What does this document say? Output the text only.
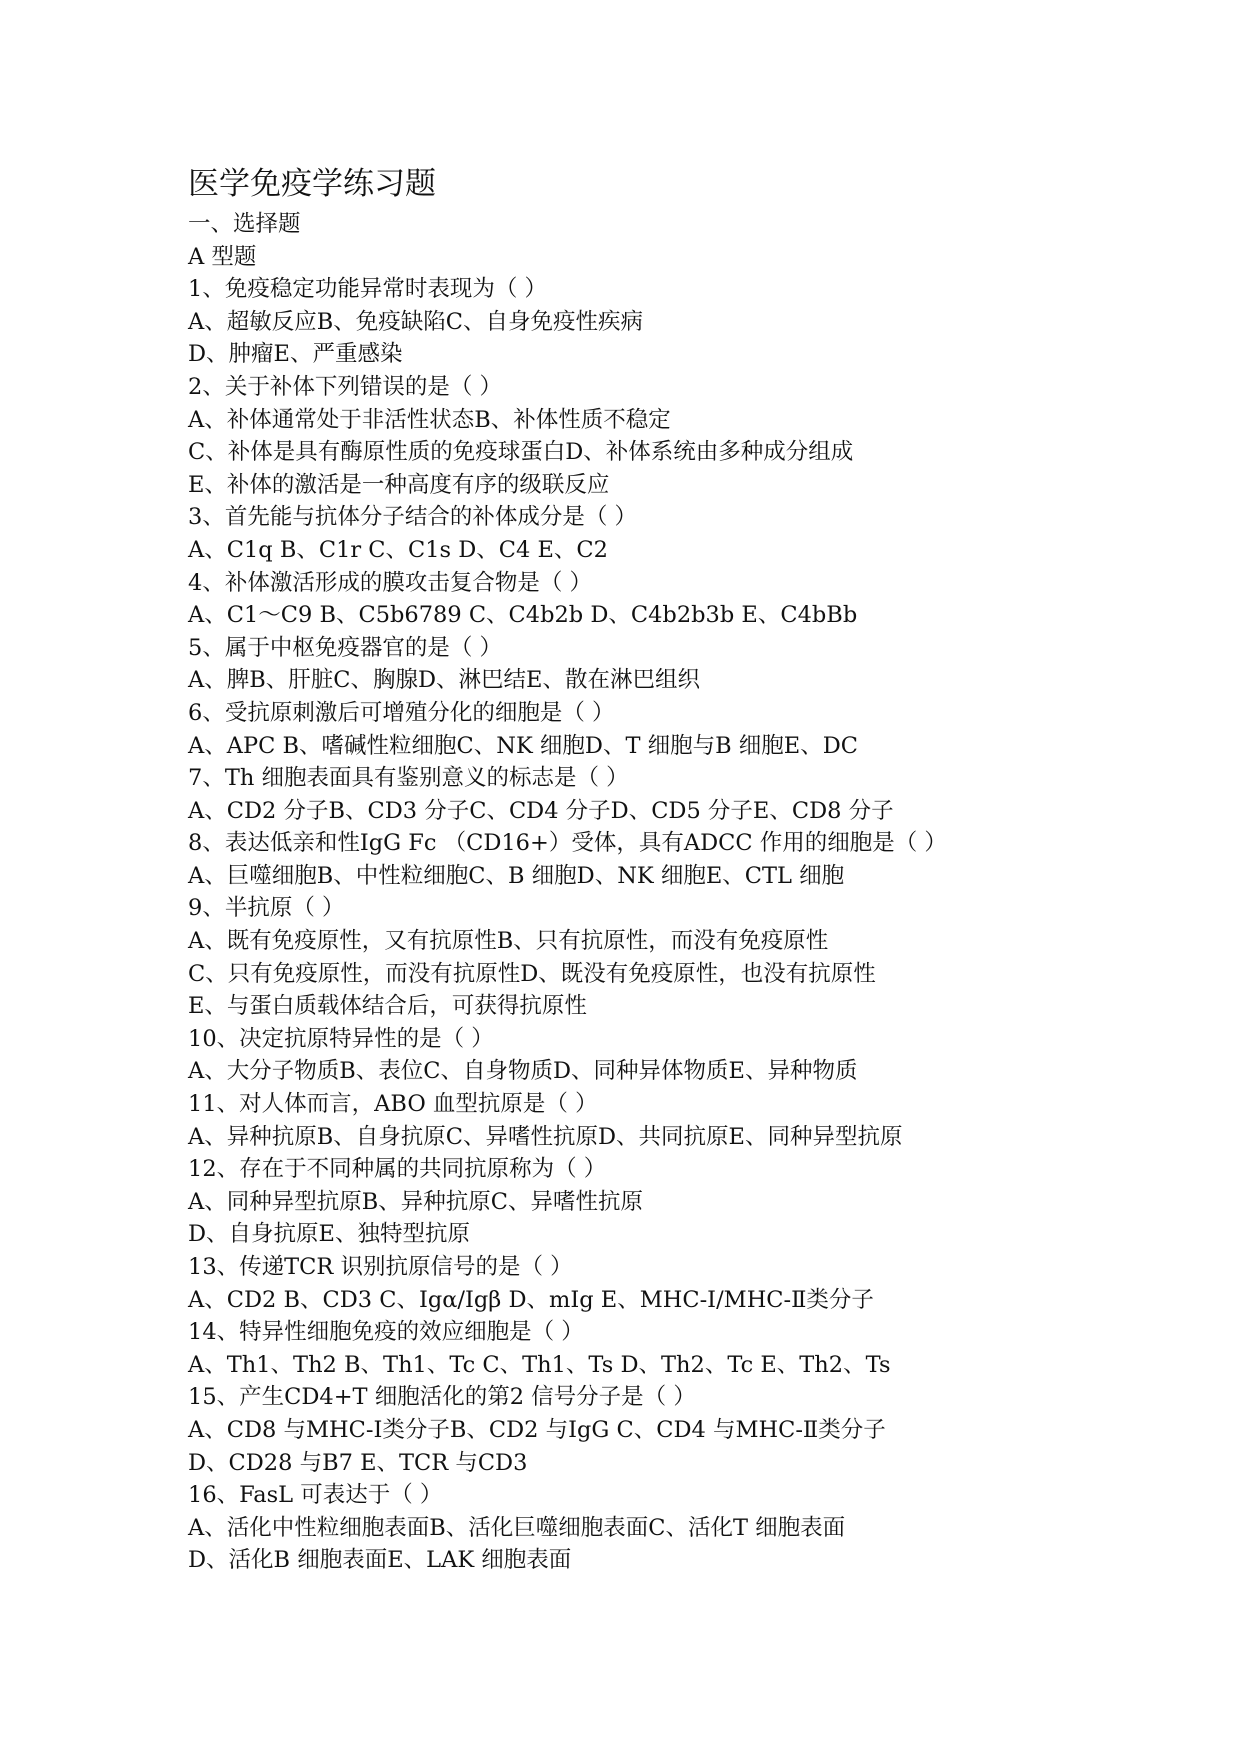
医学免疫学练习题
一、选择题
A 型题
1、免疫稳定功能异常时表现为（ ）
A、超敏反应B、免疫缺陷C、自身免疫性疾病
D、肿瘤E、严重感染
2、关于补体下列错误的是（ ）
A、补体通常处于非活性状态B、补体性质不稳定
C、补体是具有酶原性质的免疫球蛋白D、补体系统由多种成分组成
E、补体的激活是一种高度有序的级联反应
3、首先能与抗体分子结合的补体成分是（ ）
A、C1q B、C1r C、C1s D、C4 E、C2
4、补体激活形成的膜攻击复合物是（ ）
A、C1～C9 B、C5b6789 C、C4b2b D、C4b2b3b E、C4bBb
5、属于中枢免疫器官的是（ ）
A、脾B、肝脏C、胸腺D、淋巴结E、散在淋巴组织
6、受抗原刺激后可增殖分化的细胞是（ ）
A、APC B、嗜碱性粒细胞C、NK 细胞D、T 细胞与B 细胞E、DC
7、Th 细胞表面具有鉴别意义的标志是（ ）
A、CD2 分子B、CD3 分子C、CD4 分子D、CD5 分子E、CD8 分子
8、表达低亲和性IgG Fc （CD16+）受体，具有ADCC 作用的细胞是（ ）
A、巨噬细胞B、中性粒细胞C、B 细胞D、NK 细胞E、CTL 细胞
9、半抗原（ ）
A、既有免疫原性，又有抗原性B、只有抗原性，而没有免疫原性
C、只有免疫原性，而没有抗原性D、既没有免疫原性，也没有抗原性
E、与蛋白质载体结合后，可获得抗原性
10、决定抗原特异性的是（ ）
A、大分子物质B、表位C、自身物质D、同种异体物质E、异种物质
11、对人体而言，ABO 血型抗原是（ ）
A、异种抗原B、自身抗原C、异嗜性抗原D、共同抗原E、同种异型抗原
12、存在于不同种属的共同抗原称为（ ）
A、同种异型抗原B、异种抗原C、异嗜性抗原
D、自身抗原E、独特型抗原
13、传递TCR 识别抗原信号的是（ ）
A、CD2 B、CD3 C、Igα/Igβ D、mIg E、MHC-Ⅰ/MHC-Ⅱ类分子
14、特异性细胞免疫的效应细胞是（ ）
A、Th1、Th2 B、Th1、Tc C、Th1、Ts D、Th2、Tc E、Th2、Ts
15、产生CD4+T 细胞活化的第2 信号分子是（ ）
A、CD8 与MHC-Ⅰ类分子B、CD2 与IgG C、CD4 与MHC-Ⅱ类分子
D、CD28 与B7 E、TCR 与CD3
16、FasL 可表达于（ ）
A、活化中性粒细胞表面B、活化巨噬细胞表面C、活化T 细胞表面
D、活化B 细胞表面E、LAK 细胞表面
